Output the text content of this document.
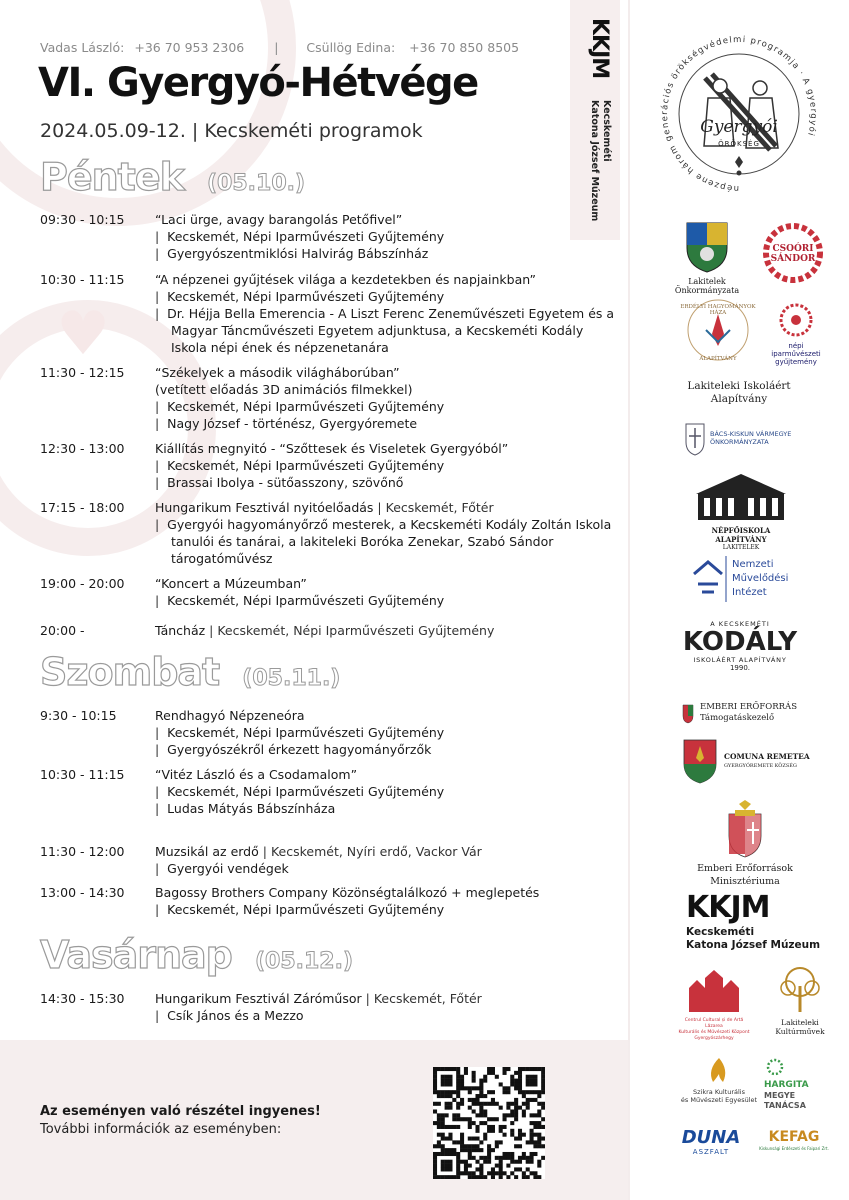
♥
Vadas László: +36 70 953 2306 | Csüllög Edina: +36 70 850 8505
VI. Gyergyó-Hétvége
2024.05.09-12. | Kecskeméti programok
KKJM
Kecskeméti
Katona József Múzeum
Péntek (05.10.)
09:30 - 10:15	“Laci ürge, avagy barangolás Petőfivel”
| Kecskemét, Népi Iparművészeti Gyűjtemény
| Gyergyószentmiklósi Halvirág Bábszínház
10:30 - 11:15	“A népzenei gyűjtések világa a kezdetekben és napjainkban”
| Kecskemét, Népi Iparművészeti Gyűjtemény
| Dr. Héjja Bella Emerencia - A Liszt Ferenc Zeneművészeti Egyetem és a Magyar Táncművészeti Egyetem adjunktusa, a Kecskeméti Kodály Iskola népi ének és népzenetanára
11:30 - 12:15	“Székelyek a második világháborúban”
(vetített előadás 3D animációs filmekkel)
| Kecskemét, Népi Iparművészeti Gyűjtemény
| Nagy József - történész, Gyergyóremete
12:30 - 13:00	Kiállítás megnyitó - “Szőttesek és Viseletek Gyergyóból”
| Kecskemét, Népi Iparművészeti Gyűjtemény
| Brassai Ibolya - sütőasszony, szövőnő
17:15 - 18:00	Hungarikum Fesztivál nyitóelőadás | Kecskemét, Főtér
| Gyergyói hagyományőrző mesterek, a Kecskeméti Kodály Zoltán Iskola tanulói és tanárai, a lakiteleki Boróka Zenekar, Szabó Sándor tárogatóművész
19:00 - 20:00	“Koncert a Múzeumban”
| Kecskemét, Népi Iparművészeti Gyűjtemény
20:00 -	Táncház | Kecskemét, Népi Iparművészeti Gyűjtemény
Szombat (05.11.)
9:30 - 10:15	Rendhagyó Népzeneóra
| Kecskemét, Népi Iparművészeti Gyűjtemény
| Gyergyószékről érkezett hagyományőrzők
10:30 - 11:15	“Vitéz László és a Csodamalom”
| Kecskemét, Népi Iparművészeti Gyűjtemény
| Ludas Mátyás Bábszínháza
11:30 - 12:00	Muzsikál az erdő | Kecskemét, Nyíri erdő, Vackor Vár
| Gyergyói vendégek
13:00 - 14:30	Bagossy Brothers Company Közönségtalálkozó + meglepetés
| Kecskemét, Népi Iparművészeti Gyűjtemény
Vasárnap (05.12.)
14:30 - 15:30	Hungarikum Fesztivál Záróműsor | Kecskemét, Főtér
| Csík János és a Mezzo
Az eseményen való részétel ingyenes!
További információk az eseményben:
népzene három generációs örökségvédelmi programja · A gyergyói
Gyergyói
ÖRÖKSÉG
Lakitelek Önkormányzata
CSOÓRI SÁNDOR
ERDÉLYI HAGYOMÁNYOK HÁZA
ALAPÍTVÁNY
népi iparművészeti gyűjtemény
Lakiteleki Iskoláért Alapítvány
BÁCS-KISKUN VÁRMEGYE ÖNKORMÁNYZATA
NÉPFŐISKOLA ALAPÍTVÁNY
LAKITELEK
Nemzeti
Művelődési
Intézet
A KECSKEMÉTI
KODÁLY
ISKOLÁÉRT ALAPÍTVÁNY
1990.
EMBERI ERŐFORRÁS
Támogatáskezelő
COMUNA REMETEA
GYERGYÓREMETE KÖZSÉG
Emberi Erőforrások
Minisztériuma
KKJM
Kecskeméti
Katona József Múzeum
Centrul Cultural și de Artă
Lăzarea
Kulturális és Művészeti Központ
Gyergyószárhegy
Lakiteleki
Kultúrművek
Szikra Kulturális
és Művészeti Egyesület
HARGITA
MEGYE
TANÁCSA
DUNA
ASZFALT
KEFAG
Kiskunsági Erdészeti és Faipari Zrt.
